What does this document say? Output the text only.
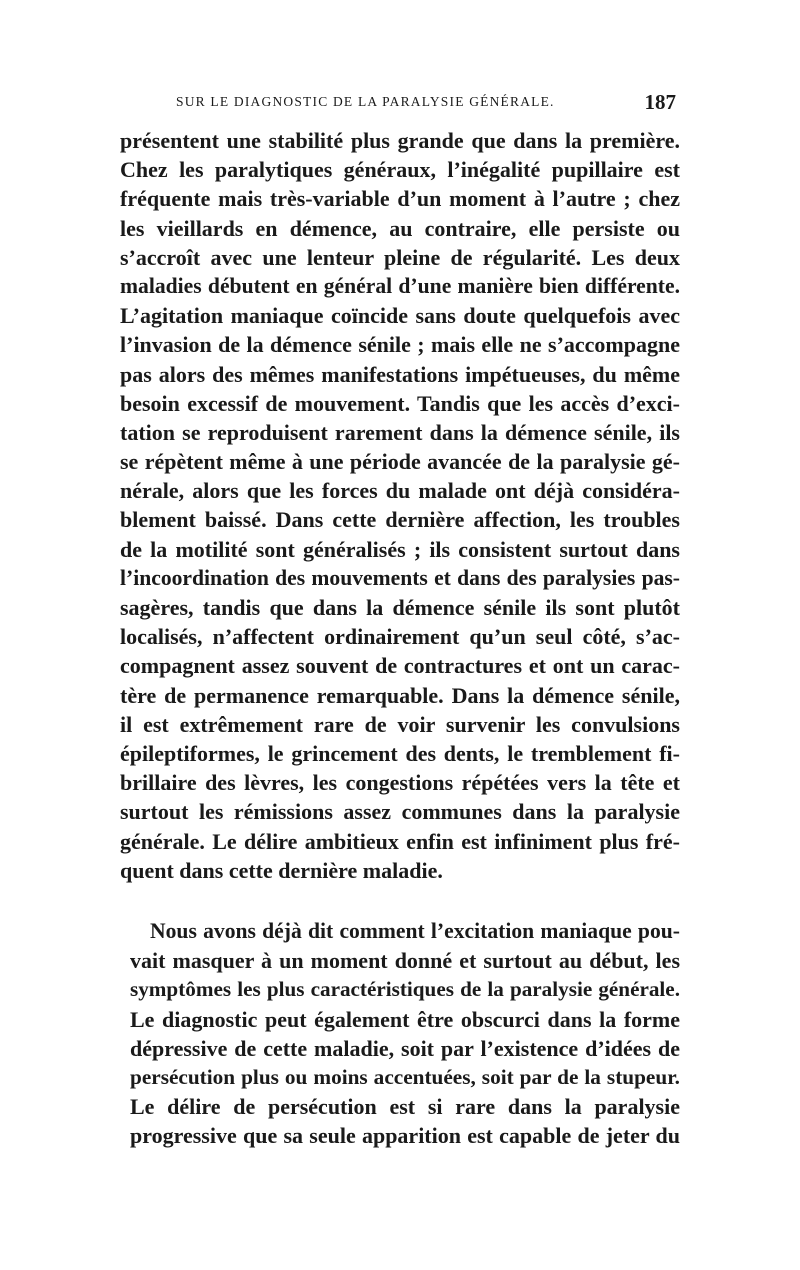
SUR LE DIAGNOSTIC DE LA PARALYSIE GÉNÉRALE.	187
présentent une stabilité plus grande que dans la première.
Chez les paralytiques généraux, l’inégalité pupillaire est
fréquente mais très-variable d’un moment à l’autre ; chez
les vieillards en démence, au contraire, elle persiste ou
s’accroît avec une lenteur pleine de régularité. Les deux
maladies débutent en général d’une manière bien différente.
L’agitation maniaque coïncide sans doute quelquefois avec
l’invasion de la démence sénile ; mais elle ne s’accompagne
pas alors des mêmes manifestations impétueuses, du même
besoin excessif de mouvement. Tandis que les accès d’exci-
tation se reproduisent rarement dans la démence sénile, ils
se répètent même à une période avancée de la paralysie gé-
nérale, alors que les forces du malade ont déjà considéra-
blement baissé. Dans cette dernière affection, les troubles
de la motilité sont généralisés ; ils consistent surtout dans
l’incoordination des mouvements et dans des paralysies pas-
sagères, tandis que dans la démence sénile ils sont plutôt
localisés, n’affectent ordinairement qu’un seul côté, s’ac-
compagnent assez souvent de contractures et ont un carac-
tère de permanence remarquable. Dans la démence sénile,
il est extrêmement rare de voir survenir les convulsions
épileptiformes, le grincement des dents, le tremblement fi-
brillaire des lèvres, les congestions répétées vers la tête et
surtout les rémissions assez communes dans la paralysie
générale. Le délire ambitieux enfin est infiniment plus fré-
quent dans cette dernière maladie.
Nous avons déjà dit comment l’excitation maniaque pou-
vait masquer à un moment donné et surtout au début, les
symptômes les plus caractéristiques de la paralysie générale.
Le diagnostic peut également être obscurci dans la forme
dépressive de cette maladie, soit par l’existence d’idées de
persécution plus ou moins accentuées, soit par de la stupeur.
Le délire de persécution est si rare dans la paralysie
progressive que sa seule apparition est capable de jeter du
